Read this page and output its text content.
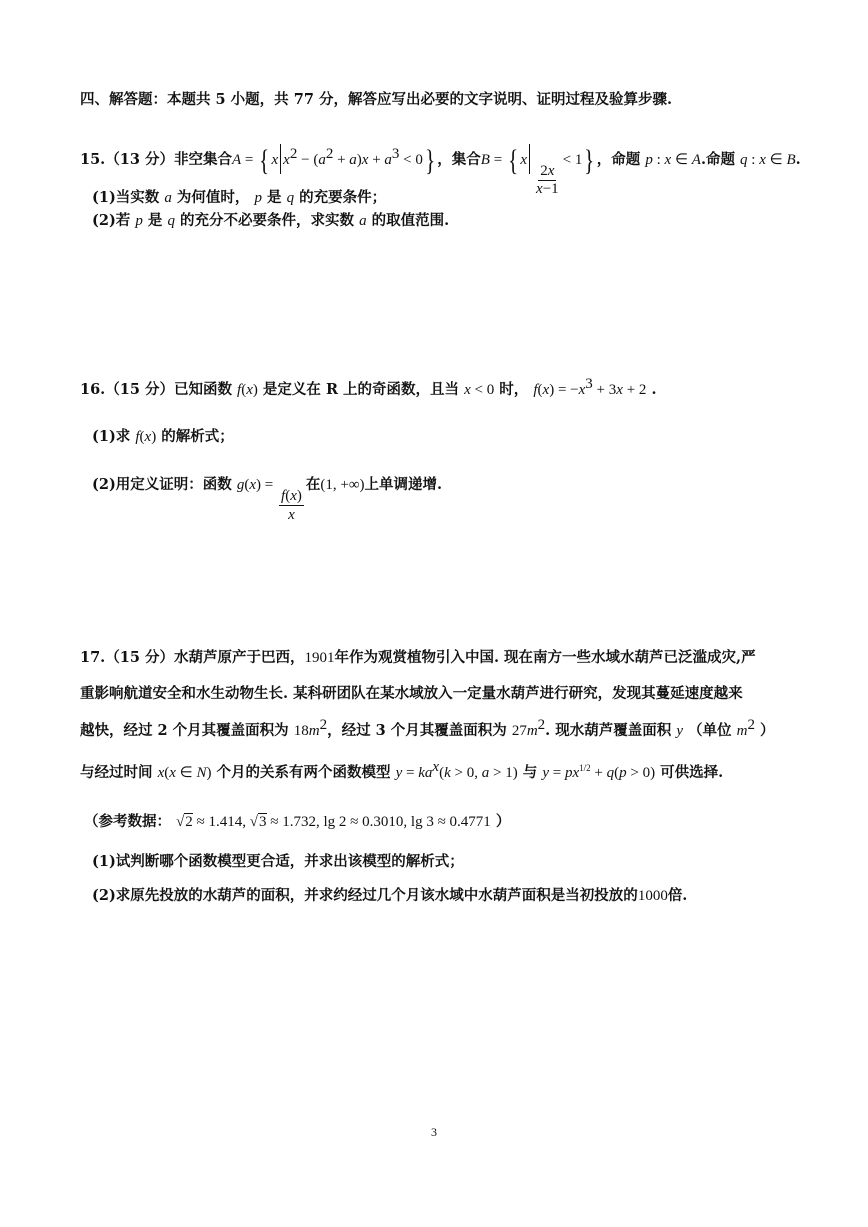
四、解答题：本题共 5 小题，共 77 分，解答应写出必要的文字说明、证明过程及验算步骤.
15.（13 分）非空集合A = { x $x^2 - (a^2 + a)x + a^3 < 0$} ，集合B = { x
$\frac{2x}{x-1}$
< 1} ，命题 p : x ∈ A.命题 q : x ∈ B.
(1)当实数 a 为何值时， p 是 q 的充要条件；
(2)若 p 是 q 的充分不必要条件，求实数 a 的取值范围.
16.（15 分）已知函数 f(x) 是定义在 R 上的奇函数，且当 x < 0 时， $f(x) = -x^3 + 3x + 2$ .
(1)求 f(x) 的解析式；
(2)用定义证明：函数 g(x) =
$\frac{f(x)}{x}$
在(1, +∞)上单调递增.
17.（15 分）水葫芦原产于巴西，1901年作为观赏植物引入中国. 现在南方一些水域水葫芦已泛滥成灾,严
重影响航道安全和水生动物生长. 某科研团队在某水域放入一定量水葫芦进行研究，发现其蔓延速度越来
越快，经过 2 个月其覆盖面积为 $18m^2$，经过 3 个月其覆盖面积为 $27m^2$. 现水葫芦覆盖面积 y （单位 $m^2$ ）
与经过时间 x(x ∈ N) 个月的关系有两个函数模型 $y = ka^x(k > 0$, a > 1) 与 $y = px^{1/2} + q(p > 0)$ 可供选择.
（参考数据： √2 ≈ 1.414, √3 ≈ 1.732, lg 2 ≈ 0.3010, lg 3 ≈ 0.4771 ）
(1)试判断哪个函数模型更合适，并求出该模型的解析式；
(2)求原先投放的水葫芦的面积，并求约经过几个月该水域中水葫芦面积是当初投放的1000倍.
3
